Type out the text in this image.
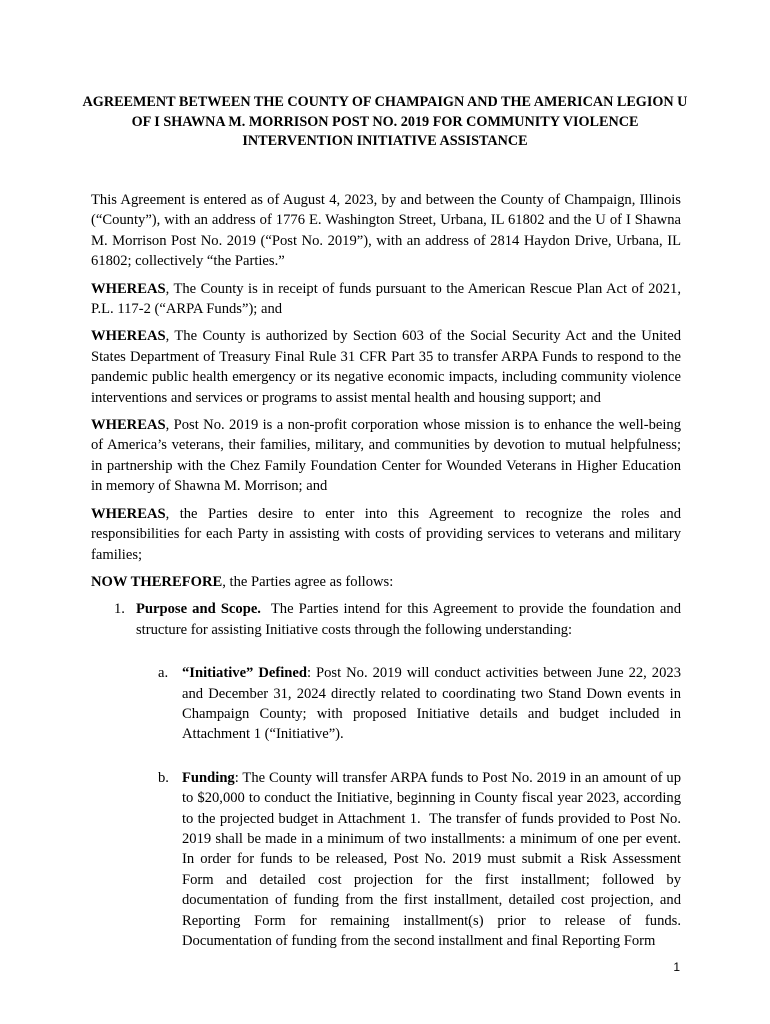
AGREEMENT BETWEEN THE COUNTY OF CHAMPAIGN AND THE AMERICAN LEGION U OF I SHAWNA M. MORRISON POST NO. 2019 FOR COMMUNITY VIOLENCE INTERVENTION INITIATIVE ASSISTANCE

This Agreement is entered as of August 4, 2023, by and between the County of Champaign, Illinois (“County”), with an address of 1776 E. Washington Street, Urbana, IL 61802 and the U of I Shawna M. Morrison Post No. 2019 (“Post No. 2019”), with an address of 2814 Haydon Drive, Urbana, IL 61802; collectively “the Parties.”

WHEREAS, The County is in receipt of funds pursuant to the American Rescue Plan Act of 2021, P.L. 117-2 (“ARPA Funds”); and

WHEREAS, The County is authorized by Section 603 of the Social Security Act and the United States Department of Treasury Final Rule 31 CFR Part 35 to transfer ARPA Funds to respond to the pandemic public health emergency or its negative economic impacts, including community violence interventions and services or programs to assist mental health and housing support; and

WHEREAS, Post No. 2019 is a non-profit corporation whose mission is to enhance the well-being of America’s veterans, their families, military, and communities by devotion to mutual helpfulness; in partnership with the Chez Family Foundation Center for Wounded Veterans in Higher Education in memory of Shawna M. Morrison; and

WHEREAS, the Parties desire to enter into this Agreement to recognize the roles and responsibilities for each Party in assisting with costs of providing services to veterans and military families;

NOW THEREFORE, the Parties agree as follows:

1. Purpose and Scope.  The Parties intend for this Agreement to provide the foundation and structure for assisting Initiative costs through the following understanding:
a. “Initiative” Defined: Post No. 2019 will conduct activities between June 22, 2023 and December 31, 2024 directly related to coordinating two Stand Down events in Champaign County; with proposed Initiative details and budget included in Attachment 1 (“Initiative”).
b. Funding: The County will transfer ARPA funds to Post No. 2019 in an amount of up to $20,000 to conduct the Initiative, beginning in County fiscal year 2023, according to the projected budget in Attachment 1.  The transfer of funds provided to Post No. 2019 shall be made in a minimum of two installments: a minimum of one per event.  In order for funds to be released, Post No. 2019 must submit a Risk Assessment Form and detailed cost projection for the first installment; followed by documentation of funding from the first installment, detailed cost projection, and Reporting Form for remaining installment(s) prior to release of funds. Documentation of funding from the second installment and final Reporting Form
1
